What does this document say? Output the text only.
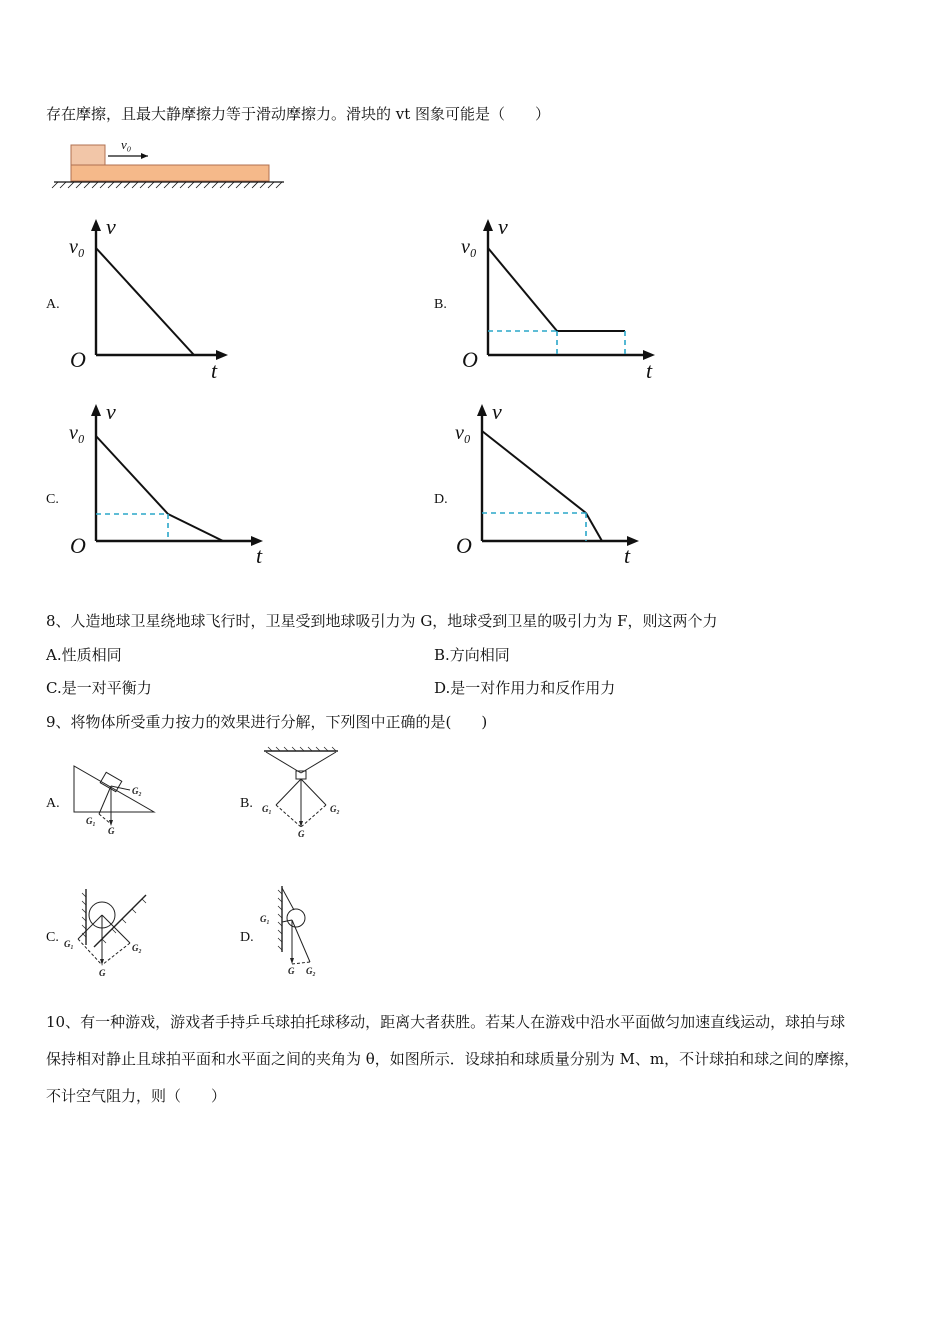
存在摩擦，且最大静摩擦力等于滑动摩擦力。滑块的 vt 图象可能是（　　）
v₀
A.
v
v₀
O	t
B.
v
v₀
O	t
C.
v
v₀
O	t
D.
v
v₀
O	t
8、人造地球卫星绕地球飞行时，卫星受到地球吸引力为 G，地球受到卫星的吸引力为 F，则这两个力
A.性质相同	B.方向相同
C.是一对平衡力	D.是一对作用力和反作用力
9、将物体所受重力按力的效果进行分解，下列图中正确的是(　　)
A.
G
G₁
G₂
B.
G
G₁	G₂
C.
G
G₁	G₂
D.
G
G₁
G₂
10、有一种游戏，游戏者手持乒乓球拍托球移动，距离大者获胜。若某人在游戏中沿水平面做匀加速直线运动，球拍与球
保持相对静止且球拍平面和水平面之间的夹角为 θ，如图所示．设球拍和球质量分别为 M、m，不计球拍和球之间的摩擦，
不计空气阻力，则（　　）
